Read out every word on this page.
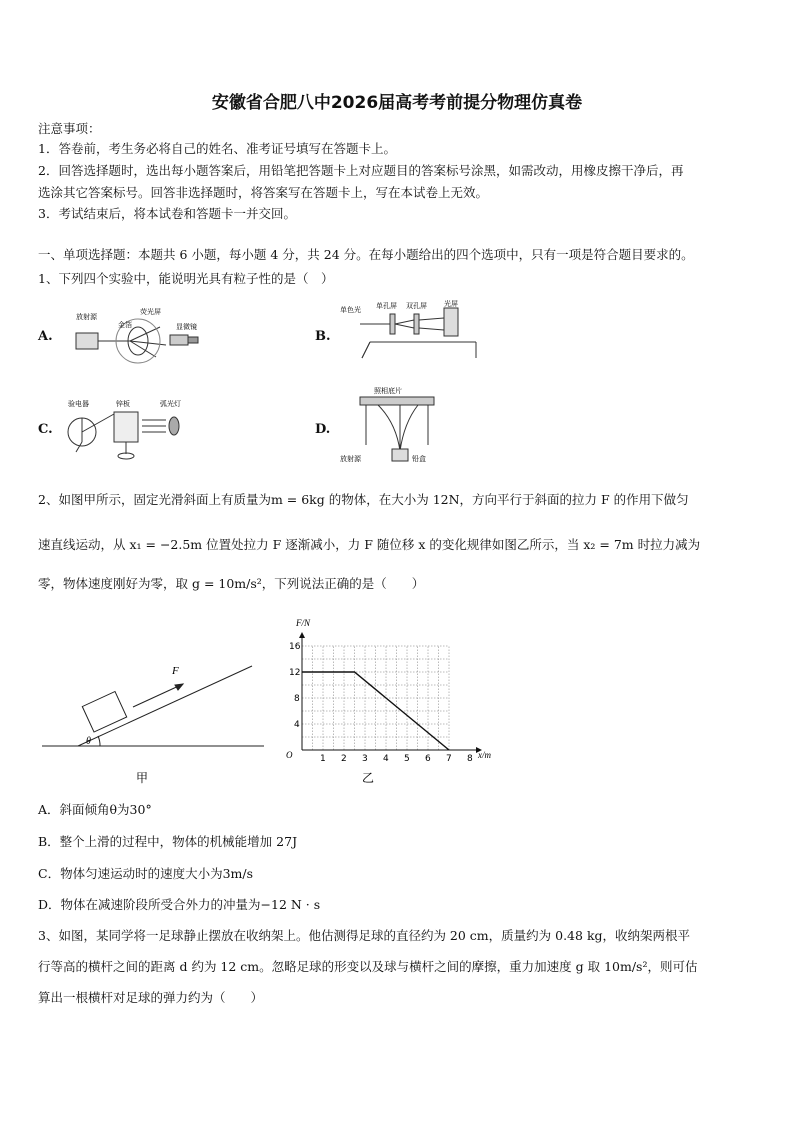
安徽省合肥八中2026届高考考前提分物理仿真卷
注意事项：
1．答卷前，考生务必将自己的姓名、准考证号填写在答题卡上。
2．回答选择题时，选出每小题答案后，用铅笔把答题卡上对应题目的答案标号涂黑，如需改动，用橡皮擦干净后，再
选涂其它答案标号。回答非选择题时，将答案写在答题卡上，写在本试卷上无效。
3．考试结束后，将本试卷和答题卡一并交回。
一、单项选择题：本题共 6 小题，每小题 4 分，共 24 分。在每小题给出的四个选项中，只有一项是符合题目要求的。
1、下列四个实验中，能说明光具有粒子性的是（　）
A.	B.
C.	D.
放射源
荧光屏
显微镜
金箔
单色光 单孔屏 双孔屏 光屏
验电器	锌板	弧光灯
照相底片
放射源	铅盒
2、如图甲所示，固定光滑斜面上有质量为m = 6kg 的物体，在大小为 12N，方向平行于斜面的拉力 F 的作用下做匀
速直线运动，从 x₁ = −2.5m 位置处拉力 F 逐渐减小，力 F 随位移 x 的变化规律如图乙所示，当 x₂ = 7m 时拉力减为
零，物体速度刚好为零，取 g = 10m/s²，下列说法正确的是（　　）
F
θ
甲
1 2 3 4 5 6 7 8
4
8
12
16
F/N
x/m
O
乙
A．斜面倾角θ为30°
B．整个上滑的过程中，物体的机械能增加 27J
C．物体匀速运动时的速度大小为3m/s
D．物体在减速阶段所受合外力的冲量为−12 N · s
3、如图，某同学将一足球静止摆放在收纳架上。他估测得足球的直径约为 20 cm，质量约为 0.48 kg，收纳架两根平
行等高的横杆之间的距离 d 约为 12 cm。忽略足球的形变以及球与横杆之间的摩擦，重力加速度 g 取 10m/s²，则可估
算出一根横杆对足球的弹力约为（　　）
